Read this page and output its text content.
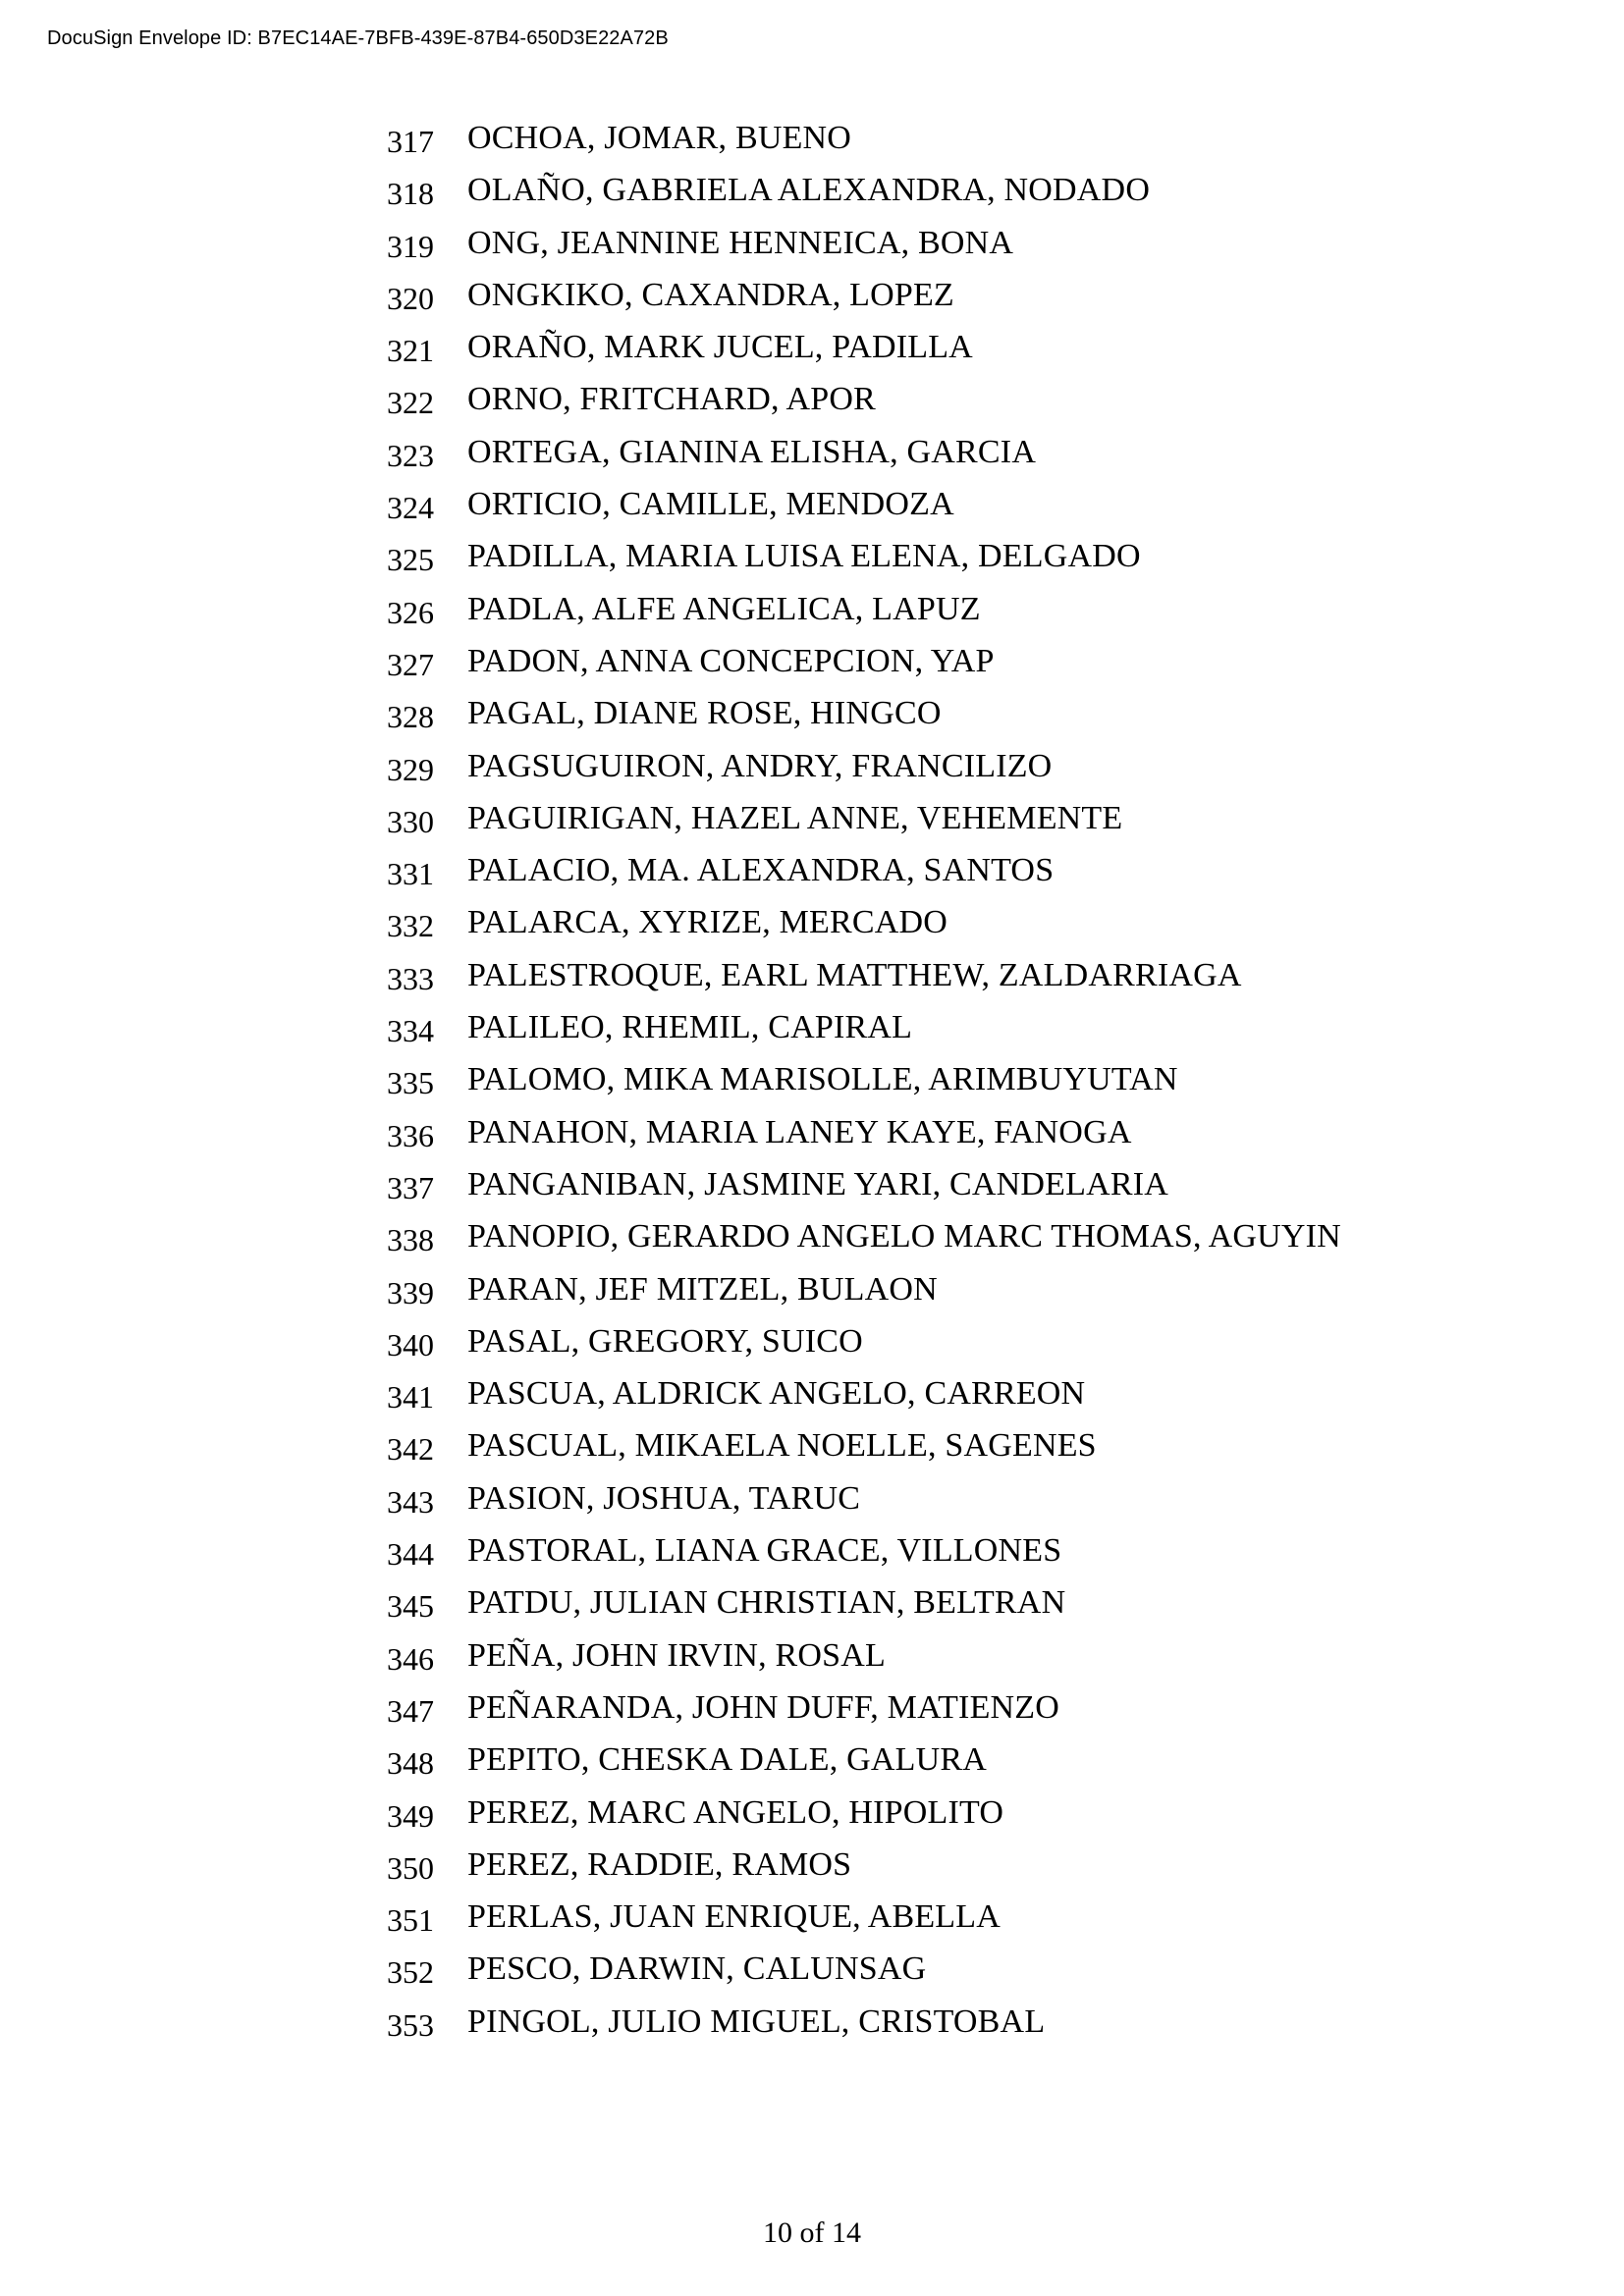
DocuSign Envelope ID: B7EC14AE-7BFB-439E-87B4-650D3E22A72B
317	OCHOA, JOMAR, BUENO
318	OLAÑO, GABRIELA ALEXANDRA, NODADO
319	ONG, JEANNINE HENNEICA, BONA
320	ONGKIKO, CAXANDRA, LOPEZ
321	ORAÑO, MARK JUCEL, PADILLA
322	ORNO, FRITCHARD, APOR
323	ORTEGA, GIANINA ELISHA, GARCIA
324	ORTICIO, CAMILLE, MENDOZA
325	PADILLA, MARIA LUISA ELENA, DELGADO
326	PADLA, ALFE ANGELICA, LAPUZ
327	PADON, ANNA CONCEPCION, YAP
328	PAGAL, DIANE ROSE, HINGCO
329	PAGSUGUIRON, ANDRY, FRANCILIZO
330	PAGUIRIGAN, HAZEL ANNE, VEHEMENTE
331	PALACIO, MA. ALEXANDRA, SANTOS
332	PALARCA, XYRIZE, MERCADO
333	PALESTROQUE, EARL MATTHEW, ZALDARRIAGA
334	PALILEO, RHEMIL, CAPIRAL
335	PALOMO, MIKA MARISOLLE, ARIMBUYUTAN
336	PANAHON, MARIA LANEY KAYE, FANOGA
337	PANGANIBAN, JASMINE YARI, CANDELARIA
338	PANOPIO, GERARDO ANGELO MARC THOMAS, AGUYIN
339	PARAN, JEF MITZEL, BULAON
340	PASAL, GREGORY, SUICO
341	PASCUA, ALDRICK ANGELO, CARREON
342	PASCUAL, MIKAELA NOELLE, SAGENES
343	PASION, JOSHUA, TARUC
344	PASTORAL, LIANA GRACE, VILLONES
345	PATDU, JULIAN CHRISTIAN, BELTRAN
346	PEÑA, JOHN IRVIN, ROSAL
347	PEÑARANDA, JOHN DUFF, MATIENZO
348	PEPITO, CHESKA DALE, GALURA
349	PEREZ, MARC ANGELO, HIPOLITO
350	PEREZ, RADDIE, RAMOS
351	PERLAS, JUAN ENRIQUE, ABELLA
352	PESCO, DARWIN, CALUNSAG
353	PINGOL, JULIO MIGUEL, CRISTOBAL
10 of 14
